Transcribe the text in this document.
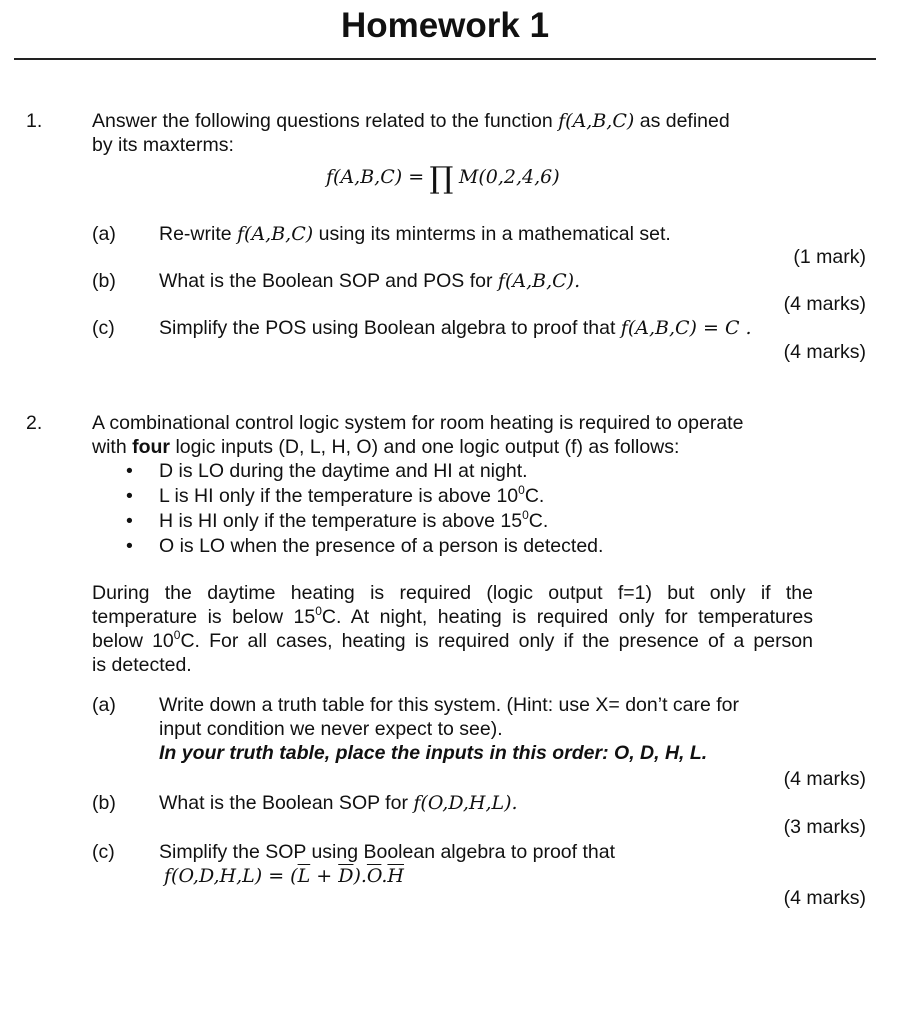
Homework 1
1.	Answer the following questions related to the function f(A,B,C) as defined
by its maxterms:
f(A,B,C) = ∏ M(0,2,4,6)
(a) Re-write f(A,B,C) using its minterms in a mathematical set.
(1 mark)
(b) What is the Boolean SOP and POS for f(A,B,C).
(4 marks)
(c) Simplify the POS using Boolean algebra to proof that f(A,B,C) = C .
(4 marks)
2.	A combinational control logic system for room heating is required to operate
with four logic inputs (D, L, H, O) and one logic output (f) as follows:
• D is LO during the daytime and HI at night.
• L is HI only if the temperature is above $10^0C$.
• H is HI only if the temperature is above $15^0C$.
• O is LO when the presence of a person is detected.
During the daytime heating is required (logic output f=1) but only if the
temperature is below $15^0C$. At night, heating is required only for temperatures
below $10^0C$. For all cases, heating is required only if the presence of a person
is detected.
(a) Write down a truth table for this system. (Hint: use X= don’t care for
input condition we never expect to see).
In your truth table, place the inputs in this order: O, D, H, L.
(4 marks)
(b) What is the Boolean SOP for f(O,D,H,L).
(3 marks)
(c) Simplify the SOP using Boolean algebra to proof that
$f(O,D,H,L) = (\overline{L} + \overline{D}).\overline{O}.\overline{H}$
(4 marks)
